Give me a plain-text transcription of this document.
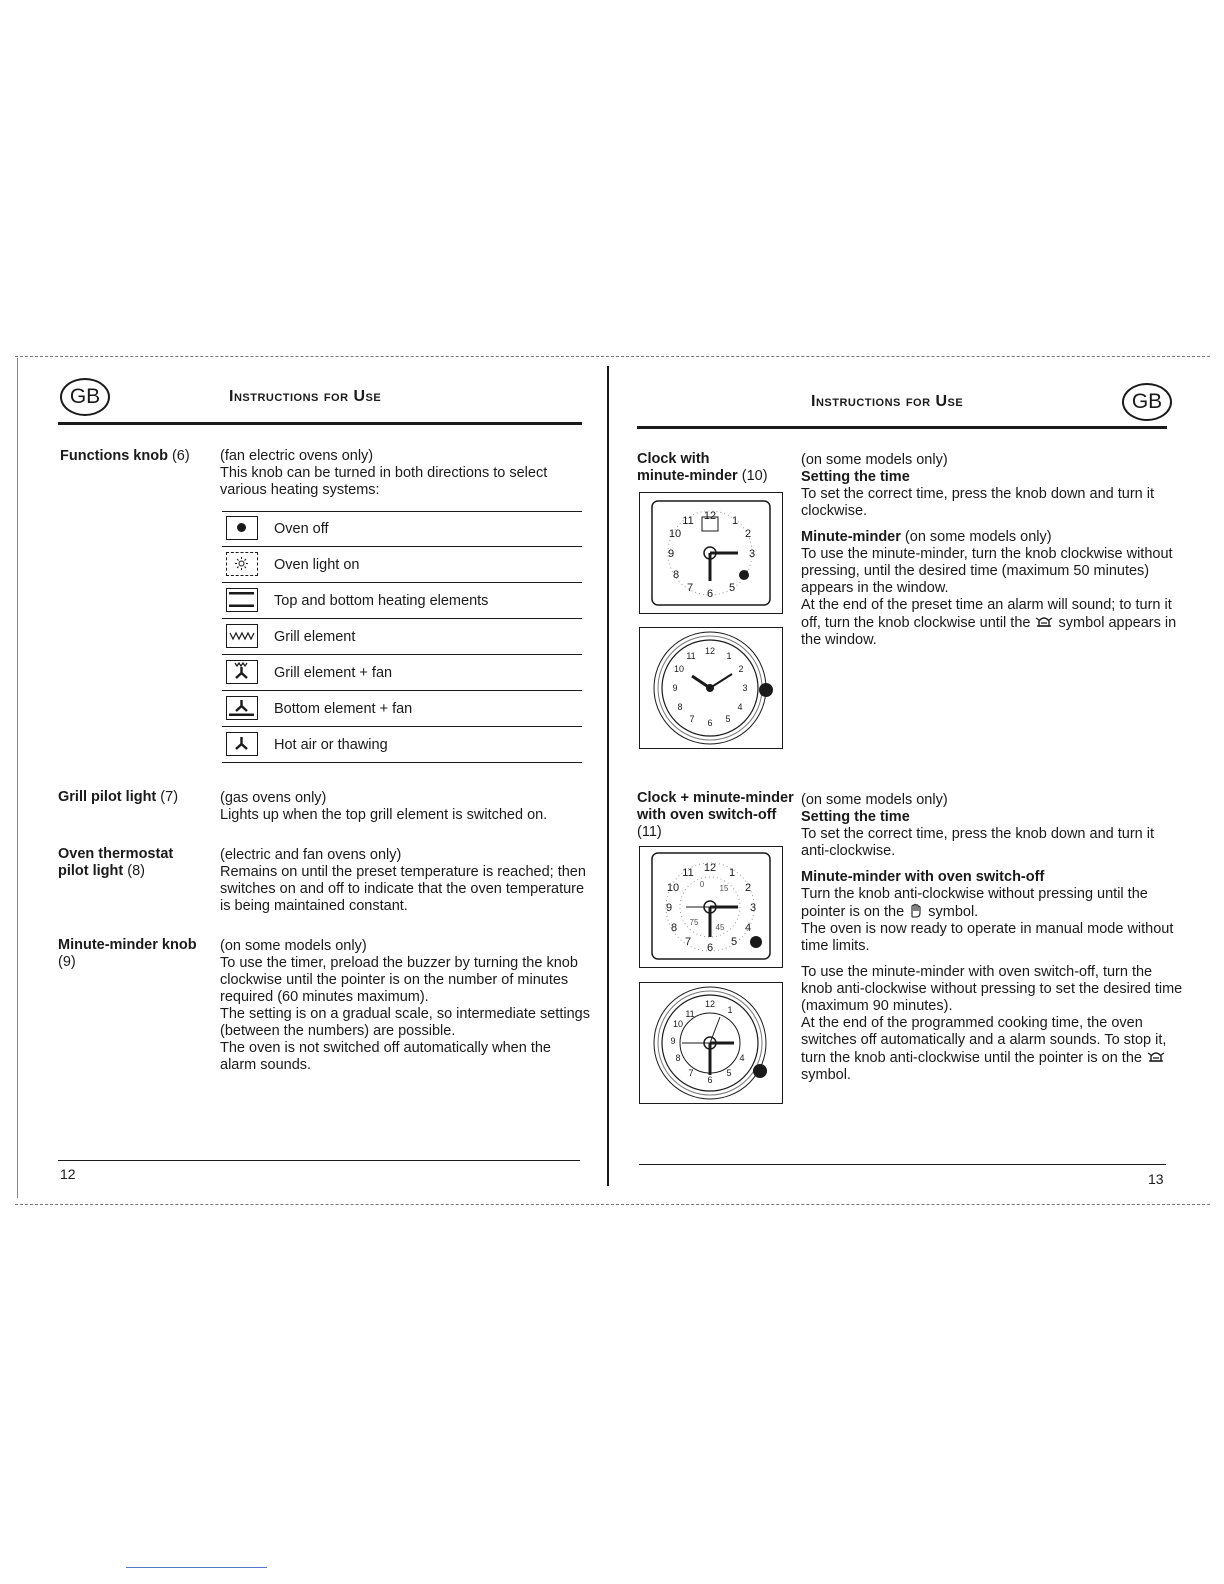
GB	Instructions for Use
Functions knob (6) (fan electric ovens only)

This knob can be turned in both directions to select

various heating systems:

Oven off
Oven light on
Top and bottom heating elements
Grill element
Grill element + fan
Bottom element + fan
Hot air or thawing
Grill pilot light (7)	(gas ovens only)

Lights up when the top grill element is switched on.

Oven thermostat

pilot light (8)

(electric and fan ovens only)

Remains on until the preset temperature is reached; then

switches on and off to indicate that the oven temperature

is being maintained constant.

Minute-minder knob

(9)

(on some models only)

To use the timer, preload the buzzer by turning the knob

clockwise until the pointer is on the number of minutes

required (60 minutes maximum).

The setting is on a gradual scale, so intermediate settings

(between the numbers) are possible.

The oven is not switched off automatically when the

alarm sounds.

12
Instructions for Use	GB

Clock with

minute-minder (10)

12 1
2
3
5
6
7
8
9
10
11
12 1
2
3
4
5
6
7
8
9
10
11

(on some models only)

Setting the time

To set the correct time, press the knob down and turn it

clockwise.

Minute-minder (on some models only)

To use the minute-minder, turn the knob clockwise without

pressing, until the desired time (maximum 50 minutes)

appears in the window.

At the end of the preset time an alarm will sound; to turn it

off, turn the knob clockwise until the symbol appears in

the window.

Clock + minute-minder

with oven switch-off

(11)

12 1
2
3
4
5
6
7
8
9
10
11
0 15
45
75
12
1
4
5
6
7
8
9
10
11

(on some models only)

Setting the time

To set the correct time, press the knob down and turn it

anti-clockwise.

Minute-minder with oven switch-off

Turn the knob anti-clockwise without pressing until the

pointer is on the symbol.

The oven is now ready to operate in manual mode without

time limits.

To use the minute-minder with oven switch-off, turn the

knob anti-clockwise without pressing to set the desired time

(maximum 90 minutes).

At the end of the programmed cooking time, the oven

switches off automatically and a alarm sounds. To stop it,

turn the knob anti-clockwise until the pointer is on the

symbol.

13
